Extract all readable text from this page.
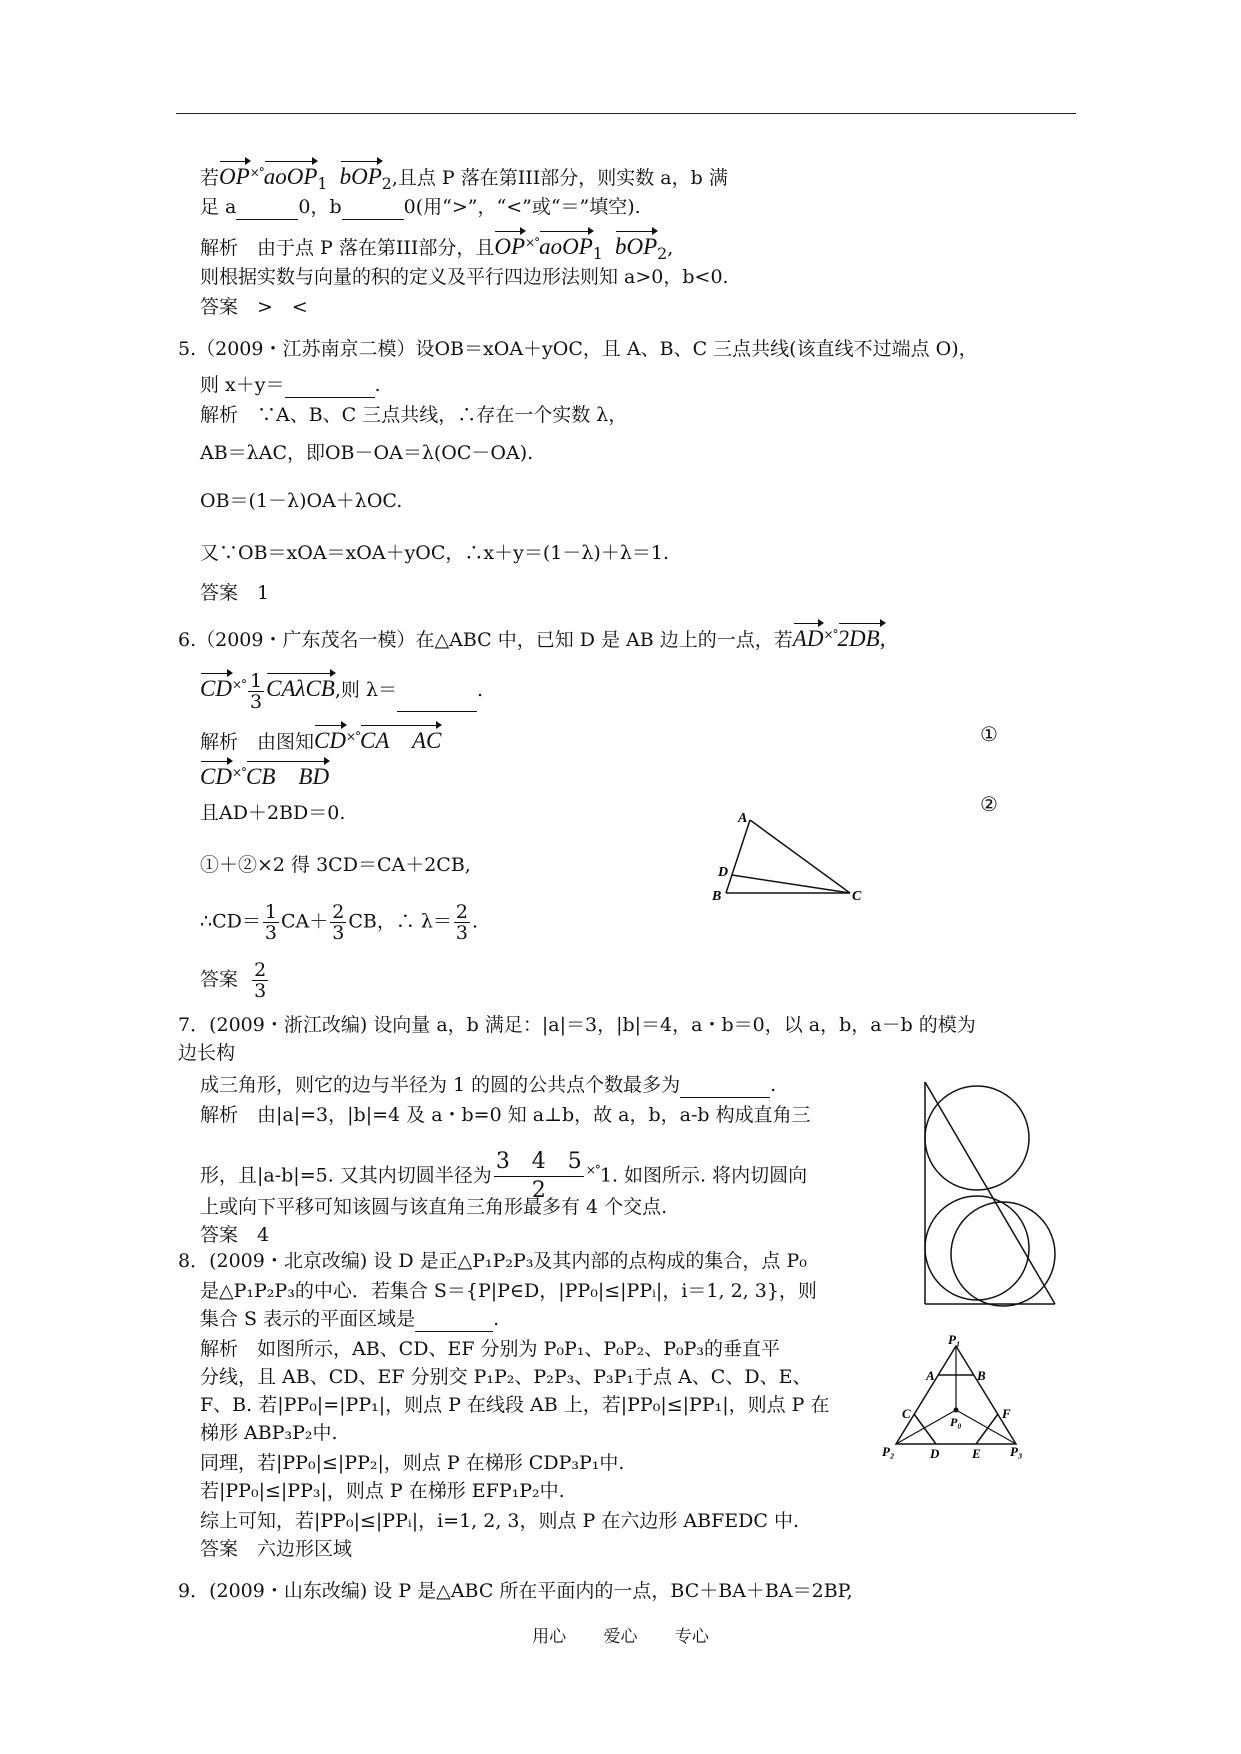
若OP×°aoOP$_1$ bOP$_2$,且点 P 落在第III部分，则实数 a，b 满
足 a	0，b	0(用“>”，“<”或“＝”填空).
解析　由于点 P 落在第III部分，且OP×°aoOP$_1$ bOP$_2$,
则根据实数与向量的积的定义及平行四边形法则知 a>0，b<0.
答案　>　<
5.（2009・江苏南京二模）设OB＝xOA＋yOC，且 A、B、C 三点共线(该直线不过端点 O)，
则 x＋y＝	.
解析　∵A、B、C 三点共线，∴存在一个实数 λ，
AB＝λAC，即OB－OA＝λ(OC－OA).
OB＝(1－λ)OA＋λOC.
又∵OB＝xOA＝xOA＋yOC，∴x＋y＝(1－λ)＋λ＝1.
答案　1
6.（2009・广东茂名一模）在△ABC 中，已知 D 是 AB 边上的一点，若AD×°2DB,
$CD^{\times^\circ} \frac{1}{3} CA\lambda CB$,则 λ＝	.
解析　由图知CD×°CA　AC	①
CD×°CB　BD
且AD＋2BD＝0.	②
①＋②×2 得 3CD＝CA＋2CB,
∴CD＝ $\frac{1}{3} CA+ \frac{2}{3}$ CB，∴ $\lambda= \frac{2}{3}$ .
答案 $\frac{2}{3}$
A
D
B	C
7．(2009・浙江改编) 设向量 a，b 满足：|a|＝3，|b|＝4，a・b＝0，以 a，b，a－b 的模为
边长构
成三角形，则它的边与半径为 1 的圆的公共点个数最多为	.
解析　由|a|=3，|b|=4 及 a・b=0 知 a⊥b，故 a，b，a-b 构成直角三
形，且|a-b|=5. 又其内切圆半径为 $\frac{3 4 5}{2} ^{\times^\circ}1$. 如图所示. 将内切圆向
上或向下平移可知该圆与该直角三角形最多有 4 个交点.
答案　4
8．(2009・北京改编) 设 D 是正△P₁P₂P₃及其内部的点构成的集合，点 P₀
是△P₁P₂P₃的中心．若集合 S＝{P|P∈D，|PP₀|≤|PPᵢ|，i＝1, 2, 3}，则
集合 S 表示的平面区域是	.
解析　如图所示，AB、CD、EF 分别为 P₀P₁、P₀P₂、P₀P₃的垂直平
分线，且 AB、CD、EF 分别交 P₁P₂、P₂P₃、P₃P₁于点 A、C、D、E、
F、B. 若|PP₀|=|PP₁|，则点 P 在线段 AB 上，若|PP₀|≤|PP₁|，则点 P 在
梯形 ABP₃P₂中.
同理，若|PP₀|≤|PP₂|，则点 P 在梯形 CDP₃P₁中.
若|PP₀|≤|PP₃|，则点 P 在梯形 EFP₁P₂中.
综上可知，若|PP₀|≤|PPᵢ|，i=1, 2, 3，则点 P 在六边形 ABFEDC 中.
答案　六边形区域
P₁
A	B
C	F
P₀
P₂	D	E P₃
9．(2009・山东改编) 设 P 是△ABC 所在平面内的一点，BC＋BA＋BA＝2BP,
用心 爱心 专心
